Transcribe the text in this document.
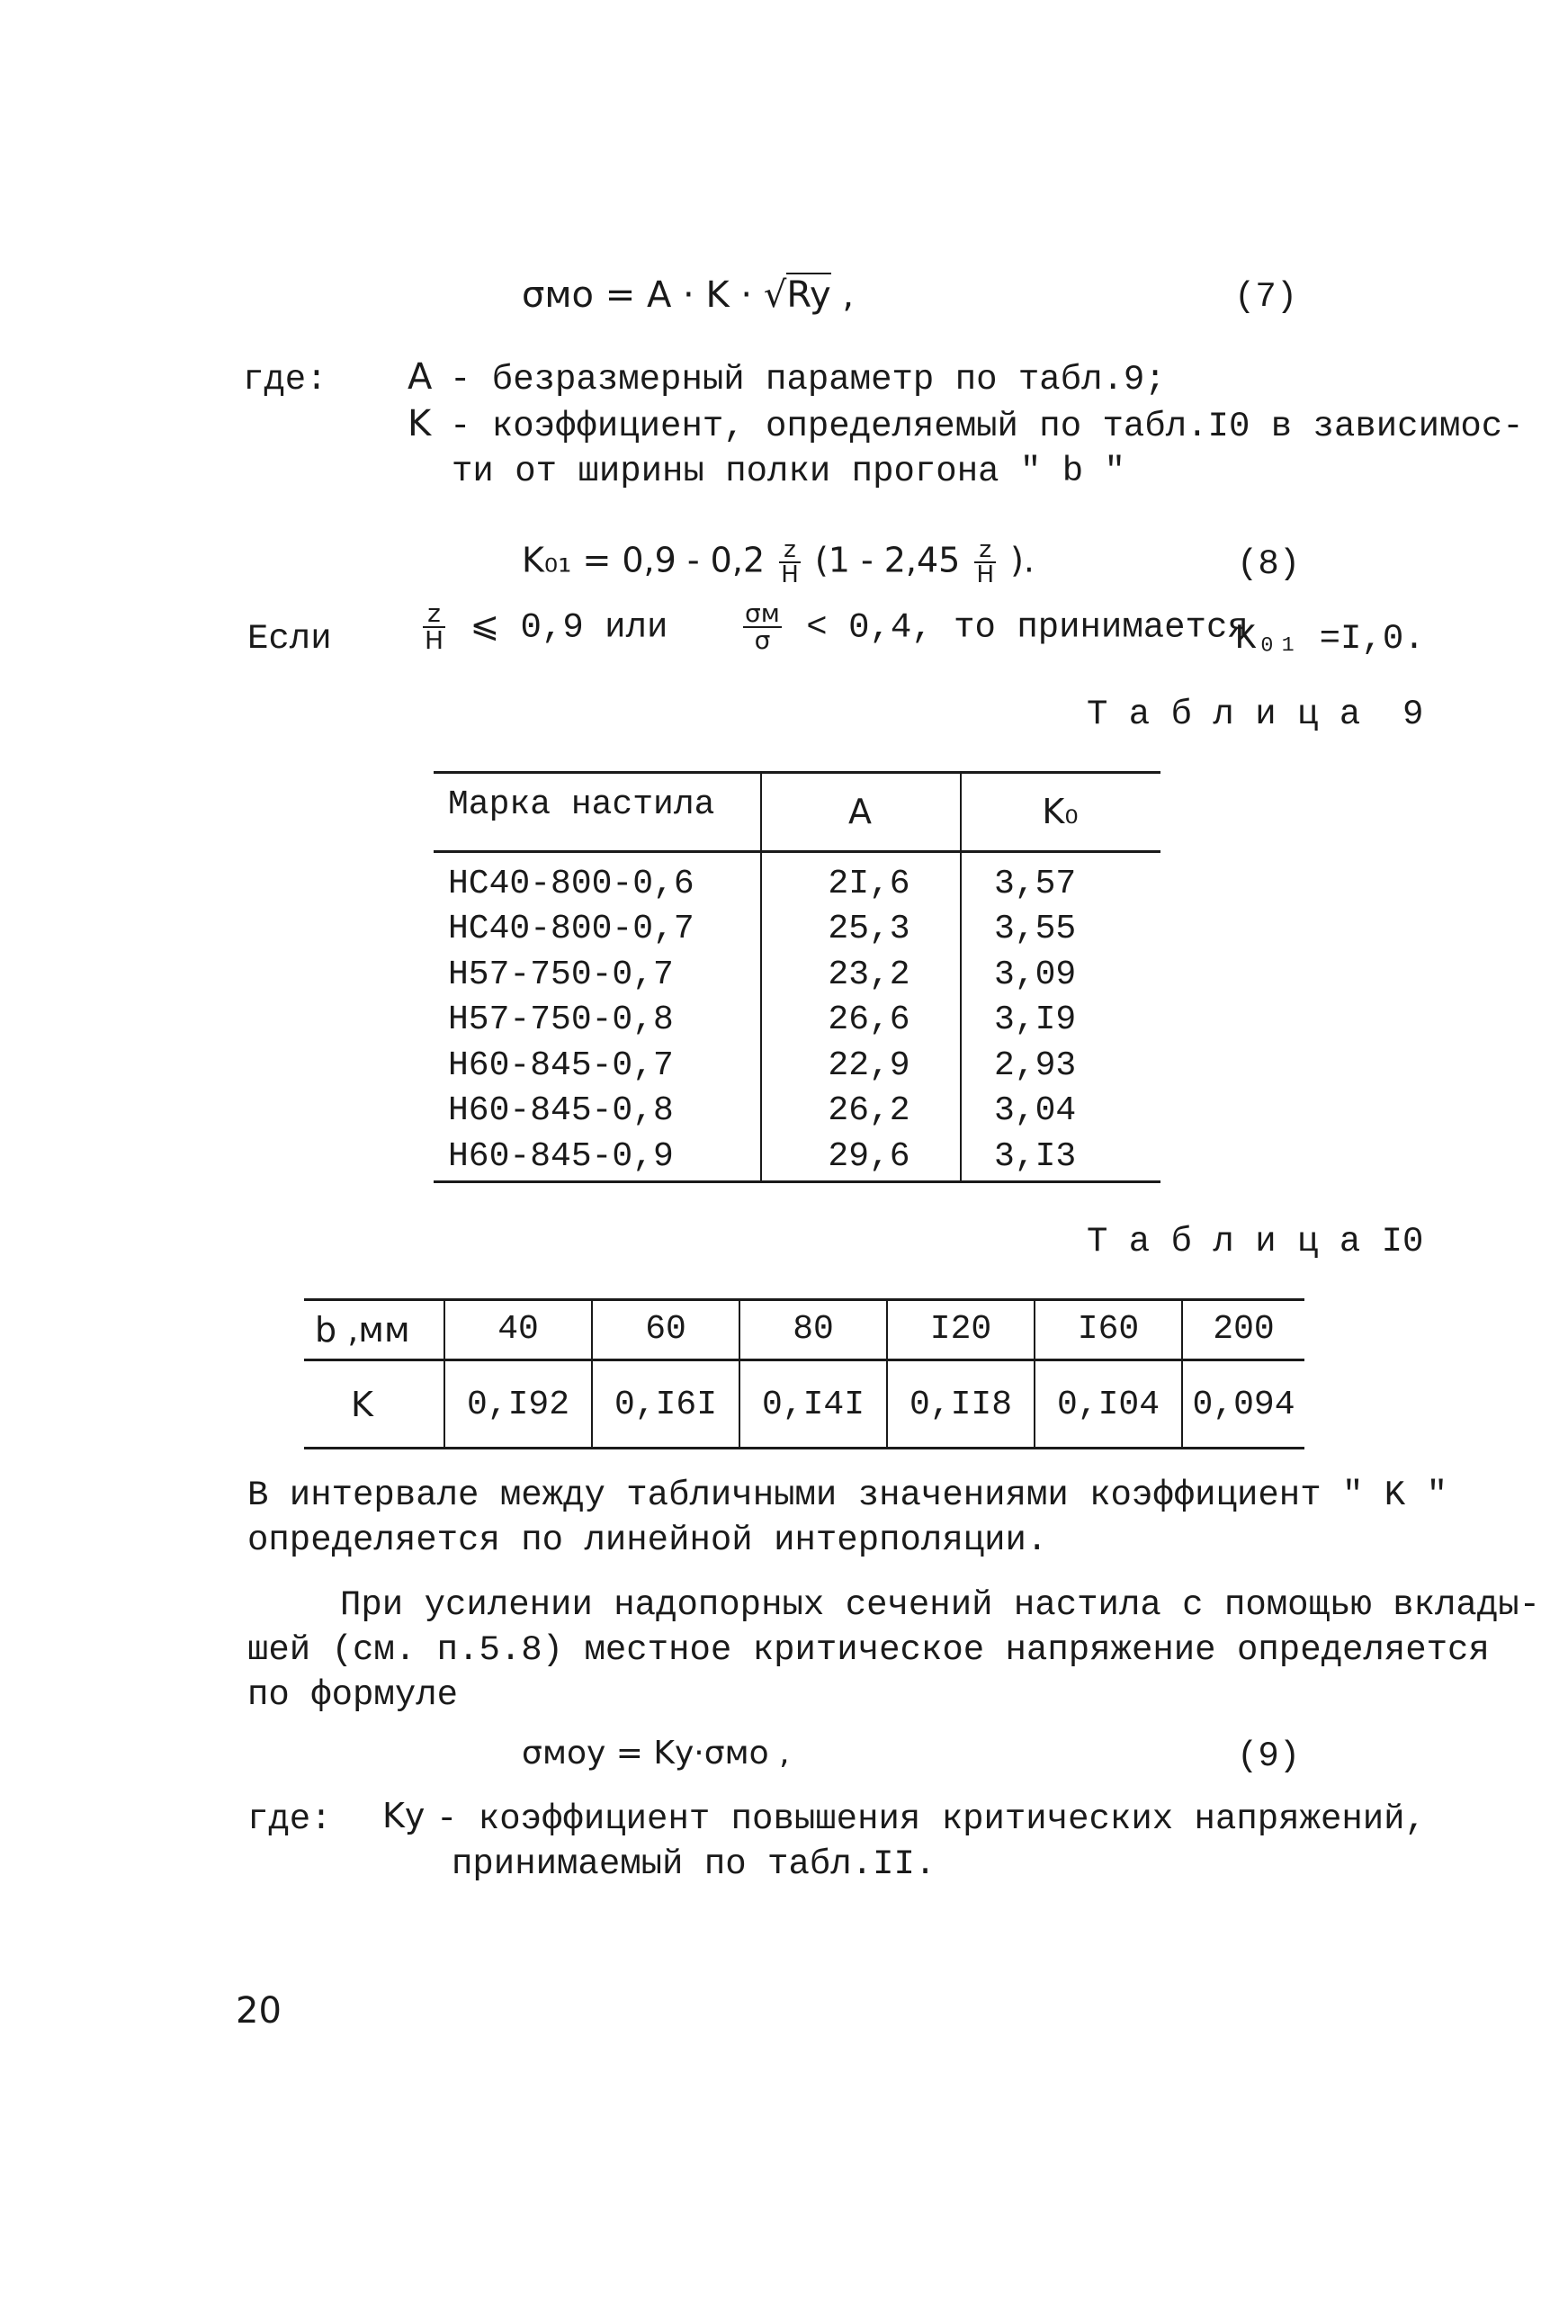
σмо = A · K · √Ry ,	(7)
где: A - безразмерный параметр по табл.9;
K - коэффициент, определяемый по табл.I0 в зависимос-
ти от ширины полки прогона " b "
$K_{01} = 0,9 - 0,2 \frac{z}{H} (1 - 2,45 \frac{z}{H}$ ).	(8)
Если	$\frac{z}{H}$ ⩽ 0,9 или	$\frac{\sigma м}{\sigma} < 0,4$, то принимается
K₀₁ =I,0.
Т а б л и ц а  9
Марка настила	A	K₀
НС40-800-0,6	2I,6	3,57
НС40-800-0,7	25,3	3,55
Н57-750-0,7	23,2	3,09
Н57-750-0,8	26,6	3,I9
Н60-845-0,7	22,9	2,93
Н60-845-0,8	26,2	3,04
Н60-845-0,9	29,6	3,I3
Т а б л и ц а I0
b ,мм	40	60	80	I20	I60	200
K	0,I92	0,I6I	0,I4I	0,II8	0,I04	0,094
В интервале между табличными значениями коэффициент " K "
определяется по линейной интерполяции.
При усилении надопорных сечений настила с помощью вклады-
шей (см. п.5.8) местное критическое напряжение определяется
по формуле
σмоу = Kу·σмо ,	(9)
где: Kу - коэффициент повышения критических напряжений,
принимаемый по табл.II.
20
